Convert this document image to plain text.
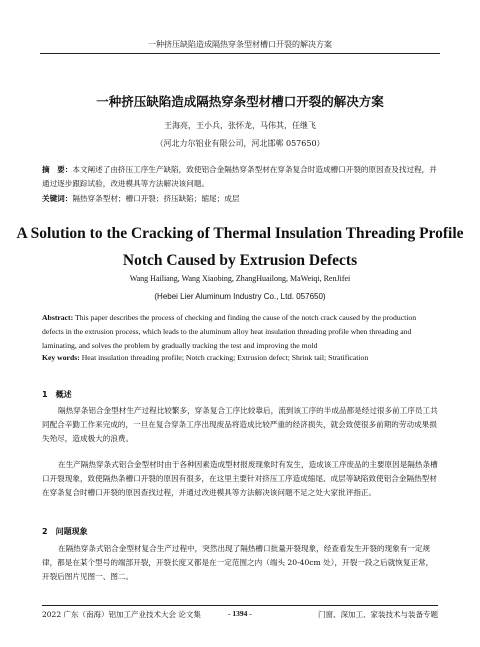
一种挤压缺陷造成隔热穿条型材槽口开裂的解决方案
一种挤压缺陷造成隔热穿条型材槽口开裂的解决方案
王海亮，王小兵，张怀龙，马伟其，任继飞
（河北力尔铝业有限公司，河北邯郸 057650）
摘　要：本文阐述了由挤压工序生产缺陷，致使铝合金隔热穿条型材在穿条复合时造成槽口开裂的原因查及找过程，并通过逐步跟踪试验，改进模具等方法解决该问题。
关键词：隔热穿条型材；槽口开裂；挤压缺陷；缩尾；成层
A Solution to the Cracking of Thermal Insulation Threading Profile Notch Caused by Extrusion Defects
Wang Hailiang, Wang Xiaobing, ZhangHuailong, MaWeiqi, RenJifei
(Hebei Lier Aluminum Industry Co., Ltd. 057650)
Abstract: This paper describes the process of checking and finding the cause of the notch crack caused by the production defects in the extrusion process, which leads to the aluminum alloy heat insulation threading profile when threading and laminating, and solves the problem by gradually tracking the test and improving the mold
Key words: Heat insulation threading profile; Notch cracking; Extrusion defect; Shrink tail; Stratification
1　概述
隔热穿条铝合金型材生产过程比较繁多，穿条复合工序比较靠后，流到该工序的半成品都是经过很多前工序员工共同配合辛勤工作来完成的，一旦在复合穿条工序出现废品将造成比较严重的经济损失，就会致使很多前期的劳动成果损失殆尽，造成极大的浪费。
在生产隔热穿条式铝合金型材时由于各种因素造成型材报废现象时有发生，造成该工序废品的主要原因是隔热条槽口开裂现象，致使隔热条槽口开裂的原因有很多，在这里主要针对挤压工序造成缩尾、成层等缺陷致使铝合金隔热型材在穿条复合时槽口开裂的原因查找过程，并通过改进模具等方法解决该问题不足之处大家批评指正。
2　问题现象
在隔热穿条式铝合金型材复合生产过程中，突然出现了隔热槽口批量开裂现象，经查看发生开裂的现象有一定规律，都是在某个型号的端部开裂，开裂长度又都是在一定范围之内（端头 20-40cm 处），开裂一段之后就恢复正常，开裂后图片见图一、图二。
2022 广东（南海）铝加工产业技术大会 论文集	- 1394 -	门窗、深加工、家装技术与装备专题
